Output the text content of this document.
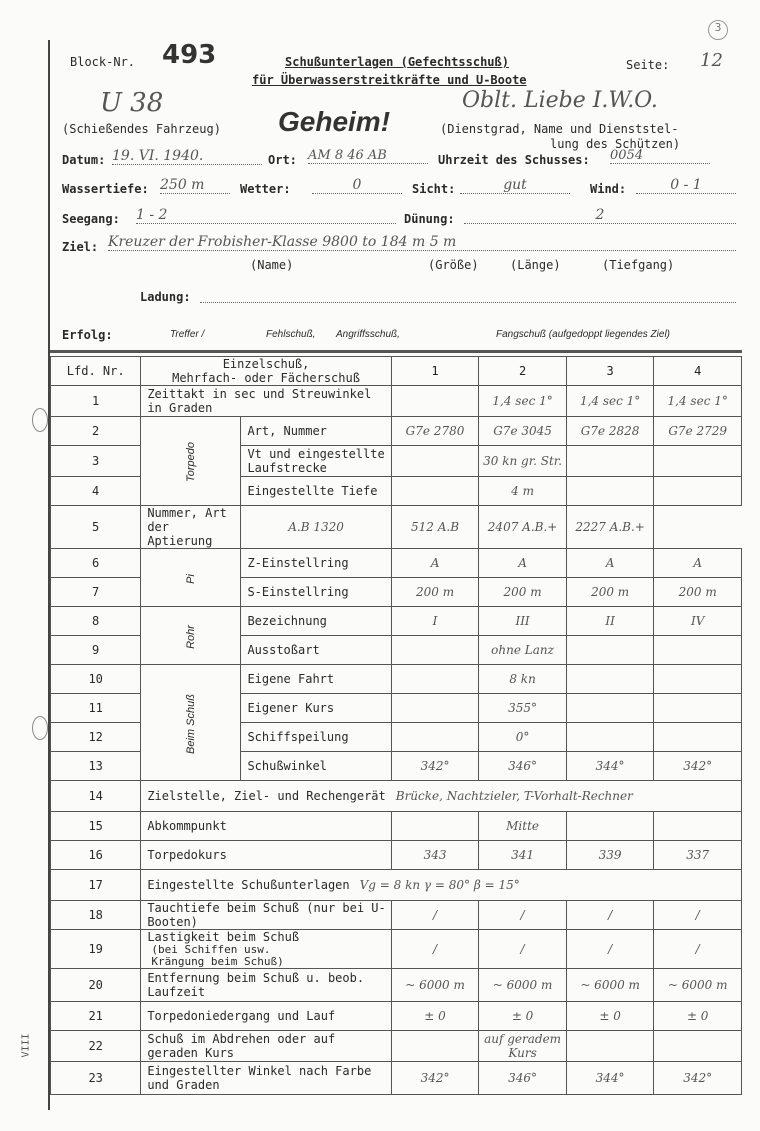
3
Block-Nr. 493	Schußunterlagen (Gefechtsschuß)
für Überwasserstreitkräfte und U-Boote
Seite: 12
U 38
(Schießendes Fahrzeug) Geheim!
Oblt. Liebe I.W.O.
(Dienstgrad, Name und Dienststel-
lung des Schützen)
Datum: 19. VI. 1940.	Ort: AM 8 46 AB	Uhrzeit des Schusses: 0054
Wassertiefe: 250 m	Wetter:	0	Sicht:	gut	Wind:	0 - 1
Seegang: 1 - 2	Dünung:	2
Ziel: Kreuzer der Frobisher-Klasse 9800 to 184 m 5 m
(Name)	(Größe)	(Länge)	(Tiefgang)
Ladung:
Erfolg:	Treffer /	Fehlschuß, Angriffsschuß,	Fangschuß (aufgedoppt liegendes Ziel)
VIII
Lfd. Nr.	Einzelschuß,
Mehrfach- oder Fächerschuß		1	2	3	4
1	Zeittakt in sec und Streuwinkel in Graden			1,4 sec 1°	1,4 sec 1°	1,4 sec 1°
2	Torpedo	Art, Nummer	G7e 2780	G7e 3045	G7e 2828	G7e 2729
3		Vt und eingestellte Laufstrecke		30 kn gr. Str.		
4		Eingestellte Tiefe		4 m		
5	Nummer, Art der Aptierung	A.B 1320	512 A.B	2407 A.B.+	2227 A.B.+	
6	Pi	Z-Einstellring	A	A	A	A
7		S-Einstellring	200 m	200 m	200 m	200 m
8	Rohr	Bezeichnung	I	III	II	IV
9		Ausstoßart		ohne Lanz		
10	Beim Schuß	Eigene Fahrt		8 kn		
11		Eigener Kurs		355°		
12		Schiffspeilung		0°		
13		Schußwinkel	342°	346°	344°	342°
14	Zielstelle, Ziel- und Rechengerät Brücke, Nachtzieler, T-Vorhalt-Rechner					
15	Abkommpunkt			Mitte		
16	Torpedokurs		343	341	339	337
17	Eingestellte Schußunterlagen Vg = 8 kn γ = 80° β = 15°					
18	Tauchtiefe beim Schuß (nur bei U-Booten)		/	/	/	/
19	Lastigkeit beim Schuß
(bei Schiffen usw.
Krängung beim Schuß)		/	/	/	/
20	Entfernung beim Schuß u. beob. Laufzeit		~ 6000 m	~ 6000 m	~ 6000 m	~ 6000 m
21	Torpedoniedergang und Lauf		± 0	± 0	± 0	± 0
22	Schuß im Abdrehen oder auf geraden Kurs			auf geradem Kurs		
23	Eingestellter Winkel nach Farbe und Graden		342°	346°	344°	342°
